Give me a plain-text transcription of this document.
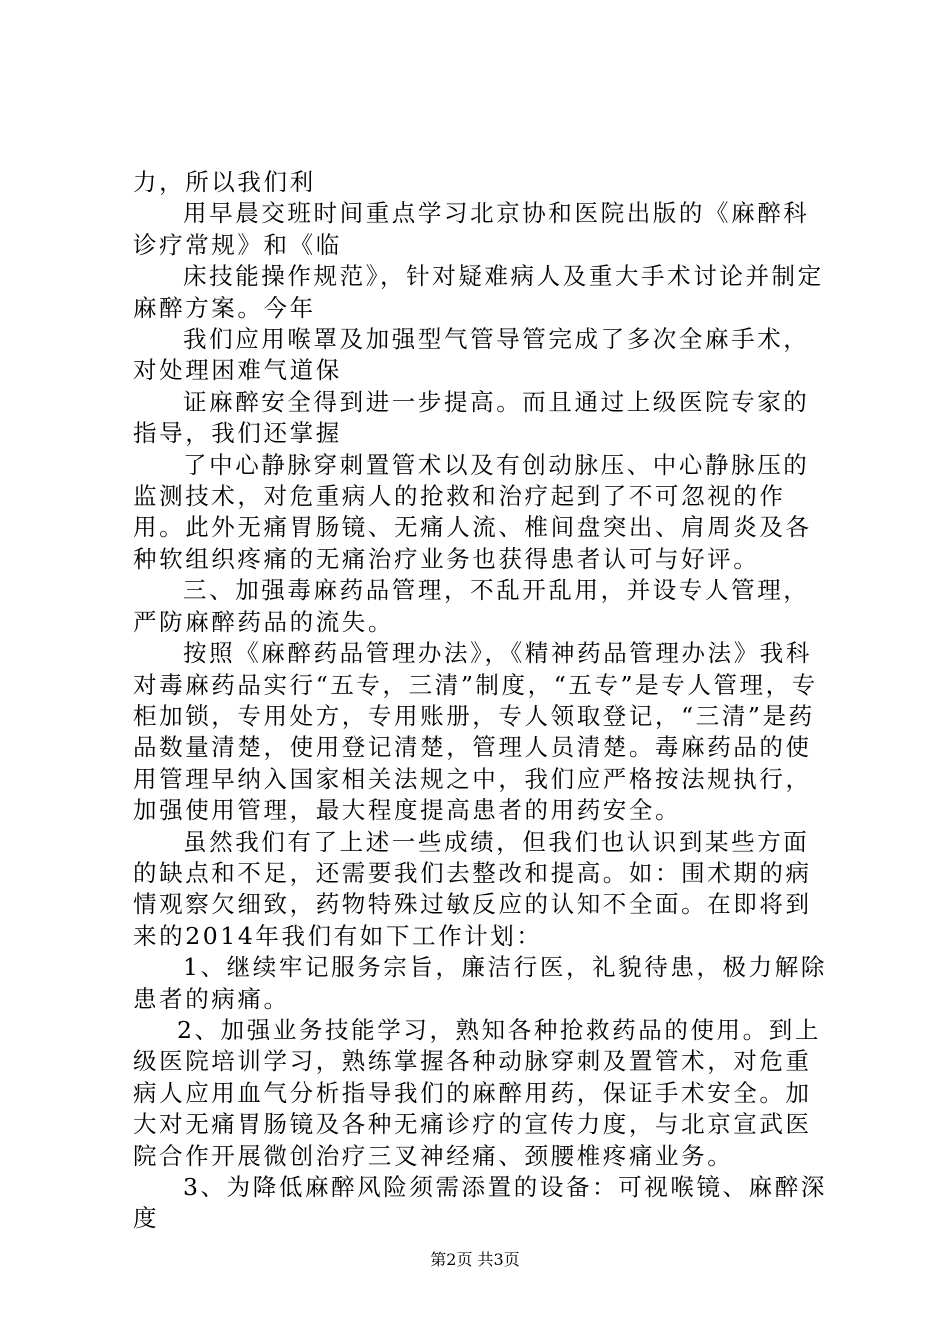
力，所以我们利

用早晨交班时间重点学习北京协和医院出版的《麻醉科诊疗常规》和《临

床技能操作规范》，针对疑难病人及重大手术讨论并制定麻醉方案。今年

我们应用喉罩及加强型气管导管完成了多次全麻手术，对处理困难气道保

证麻醉安全得到进一步提高。而且通过上级医院专家的指导，我们还掌握

了中心静脉穿刺置管术以及有创动脉压、中心静脉压的监测技术，对危重病人的抢救和治疗起到了不可忽视的作用。此外无痛胃肠镜、无痛人流、椎间盘突出、肩周炎及各种软组织疼痛的无痛治疗业务也获得患者认可与好评。

三、加强毒麻药品管理，不乱开乱用，并设专人管理，严防麻醉药品的流失。

按照《麻醉药品管理办法》，《精神药品管理办法》我科对毒麻药品实行“五专，三清”制度，“五专”是专人管理，专柜加锁，专用处方，专用账册，专人领取登记，“三清”是药品数量清楚，使用登记清楚，管理人员清楚。毒麻药品的使用管理早纳入国家相关法规之中，我们应严格按法规执行，加强使用管理，最大程度提高患者的用药安全。

虽然我们有了上述一些成绩，但我们也认识到某些方面的缺点和不足，还需要我们去整改和提高。如：围术期的病情观察欠细致，药物特殊过敏反应的认知不全面。在即将到来的2014年我们有如下工作计划：

1、继续牢记服务宗旨，廉洁行医，礼貌待患，极力解除患者的病痛。

2、加强业务技能学习，熟知各种抢救药品的使用。到上级医院培训学习，熟练掌握各种动脉穿刺及置管术，对危重病人应用血气分析指导我们的麻醉用药，保证手术安全。加大对无痛胃肠镜及各种无痛诊疗的宣传力度，与北京宣武医院合作开展微创治疗三叉神经痛、颈腰椎疼痛业务。

3、为降低麻醉风险须需添置的设备：可视喉镜、麻醉深度

第2页 共3页
